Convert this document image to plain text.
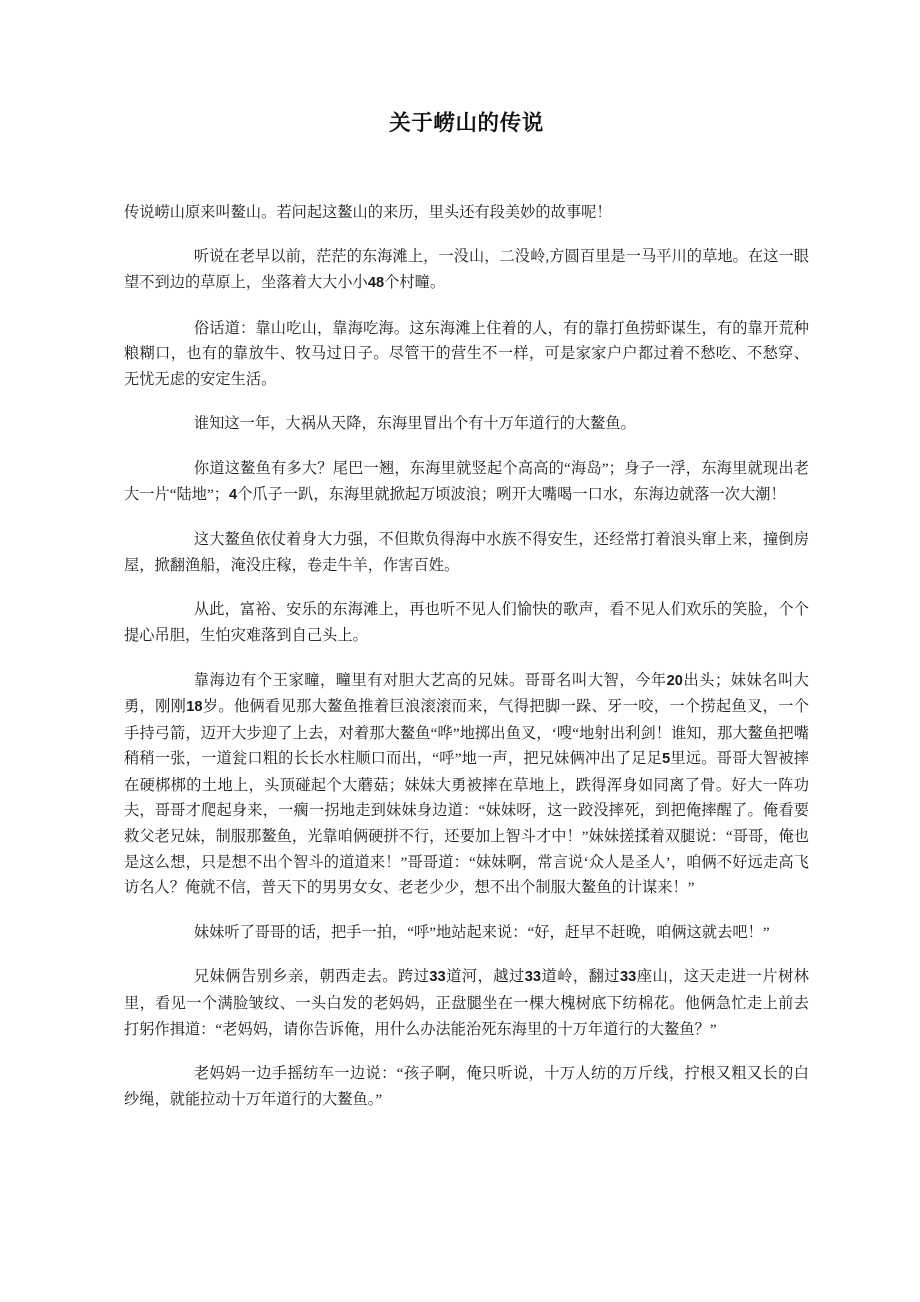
关于崂山的传说

传说崂山原来叫鳌山。若问起这鳌山的来历，里头还有段美妙的故事呢！

听说在老早以前，茫茫的东海滩上，一没山，二没岭,方圆百里是一马平川的草地。在这一眼望不到边的草原上，坐落着大大小小48个村疃。

俗话道：靠山吃山，靠海吃海。这东海滩上住着的人，有的靠打鱼捞虾谋生，有的靠开荒种粮糊口，也有的靠放牛、牧马过日子。尽管干的营生不一样，可是家家户户都过着不愁吃、不愁穿、无忧无虑的安定生活。

谁知这一年，大祸从天降，东海里冒出个有十万年道行的大鳌鱼。

你道这鳌鱼有多大？尾巴一翘，东海里就竖起个高高的“海岛”；身子一浮，东海里就现出老大一片“陆地”；4个爪子一趴，东海里就掀起万顷波浪；咧开大嘴喝一口水，东海边就落一次大潮！

这大鳌鱼依仗着身大力强，不但欺负得海中水族不得安生，还经常打着浪头窜上来，撞倒房屋，掀翻渔船，淹没庄稼，卷走牛羊，作害百姓。

从此，富裕、安乐的东海滩上，再也听不见人们愉快的歌声，看不见人们欢乐的笑脸，个个提心吊胆，生怕灾难落到自己头上。

靠海边有个王家疃，疃里有对胆大艺高的兄妹。哥哥名叫大智，今年20出头；妹妹名叫大勇，刚刚18岁。他俩看见那大鳌鱼推着巨浪滚滚而来，气得把脚一跺、牙一咬，一个捞起鱼叉，一个手持弓箭，迈开大步迎了上去，对着那大鳌鱼“哗”地掷出鱼叉，‘嗖“地射出利剑！谁知，那大鳌鱼把嘴稍稍一张，一道瓮口粗的长长水柱顺口而出，“呼”地一声，把兄妹俩冲出了足足5里远。哥哥大智被摔在硬梆梆的土地上，头顶碰起个大蘑菇；妹妹大勇被摔在草地上，跌得浑身如同离了骨。好大一阵功夫，哥哥才爬起身来，一瘸一拐地走到妹妹身边道：“妹妹呀，这一跤没摔死，到把俺摔醒了。俺看要救父老兄妹，制服那鳌鱼，光靠咱俩硬拼不行，还要加上智斗才中！”妹妹搓揉着双腿说：“哥哥，俺也是这么想，只是想不出个智斗的道道来！”哥哥道：“妹妹啊，常言说‘众人是圣人’，咱俩不好远走高飞访名人？俺就不信，普天下的男男女女、老老少少，想不出个制服大鳌鱼的计谋来！”

妹妹听了哥哥的话，把手一拍，“呼”地站起来说：“好，赶早不赶晚，咱俩这就去吧！”

兄妹俩告别乡亲，朝西走去。跨过33道河，越过33道岭，翻过33座山，这天走进一片树林里，看见一个满脸皱纹、一头白发的老妈妈，正盘腿坐在一棵大槐树底下纺棉花。他俩急忙走上前去打躬作揖道：“老妈妈，请你告诉俺，用什么办法能治死东海里的十万年道行的大鳌鱼？”

老妈妈一边手摇纺车一边说：“孩子啊，俺只听说，十万人纺的万斤线，拧根又粗又长的白纱绳，就能拉动十万年道行的大鳌鱼。”
